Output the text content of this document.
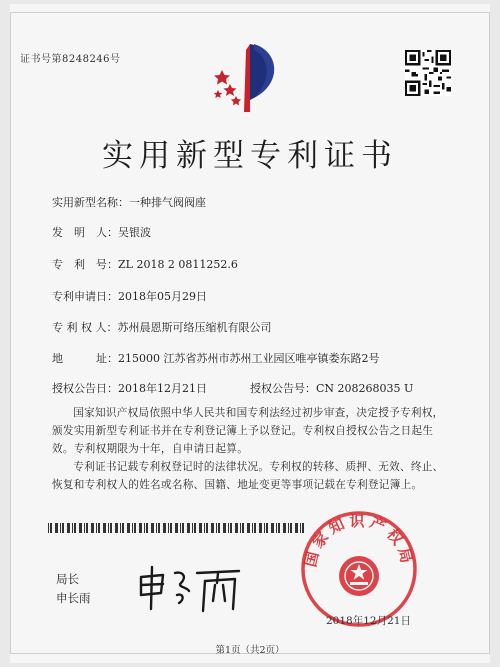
证书号第8248246号
实用新型专利证书
实用新型名称：一种排气阀阀座
发　明　人：吴银波
专　利　号：ZL 2018 2 0811252.6
专利申请日：2018年05月29日
专 利 权 人：苏州晨恩斯可络压缩机有限公司
地　　　址：215000 江苏省苏州市苏州工业园区唯亭镇娄东路2号
授权公告日：2018年12月21日	授权公告号：CN 208268035 U

国家知识产权局依照中华人民共和国专利法经过初步审查，决定授予专利权，颁发实用新型专利证书并在专利登记簿上予以登记。专利权自授权公告之日起生效。专利权期限为十年，自申请日起算。

专利证书记载专利权登记时的法律状况。专利权的转移、质押、无效、终止、恢复和专利权人的姓名或名称、国籍、地址变更等事项记载在专利登记簿上。

局长
申长雨
国家知识产权局
2018年12月21日
第1页（共2页）
